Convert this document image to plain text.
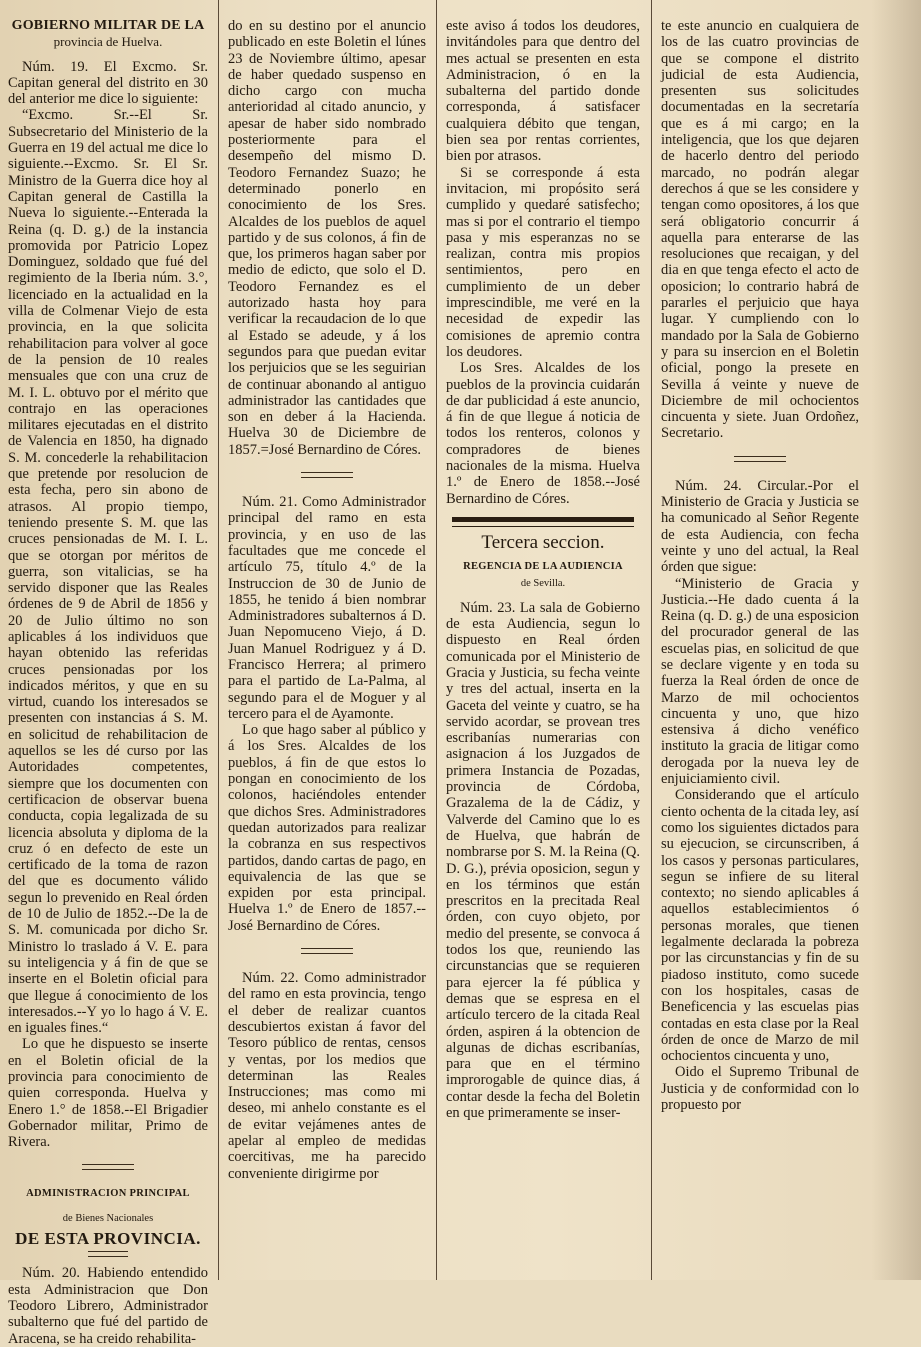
GOBIERNO MILITAR DE LA
provincia de Huelva.

Núm. 19. El Excmo. Sr. Capitan general del distrito en 30 del anterior me dice lo siguiente:

“Excmo. Sr.--El Sr. Subsecretario del Ministerio de la Guerra en 19 del actual me dice lo siguiente.--Excmo. Sr. El Sr. Ministro de la Guerra dice hoy al Capitan general de Castilla la Nueva lo siguiente.--Enterada la Reina (q. D. g.) de la instancia promovida por Patricio Lopez Dominguez, soldado que fué del regimiento de la Iberia núm. 3.°, licenciado en la actualidad en la villa de Colmenar Viejo de esta provincia, en la que solicita rehabilitacion para volver al goce de la pension de 10 reales mensuales que con una cruz de M. I. L. obtuvo por el mérito que contrajo en las operaciones militares ejecutadas en el distrito de Valencia en 1850, ha dignado S. M. concederle la rehabilitacion que pretende por resolucion de esta fecha, pero sin abono de atrasos. Al propio tiempo, teniendo presente S. M. que las cruces pensionadas de M. I. L. que se otorgan por méritos de guerra, son vitalicias, se ha servido disponer que las Reales órdenes de 9 de Abril de 1856 y 20 de Julio último no son aplicables á los individuos que hayan obtenido las referidas cruces pensionadas por los indicados méritos, y que en su virtud, cuando los interesados se presenten con instancias á S. M. en solicitud de rehabilitacion de aquellos se les dé curso por las Autoridades competentes, siempre que los documenten con certificacion de observar buena conducta, copia legalizada de su licencia absoluta y diploma de la cruz ó en defecto de este un certificado de la toma de razon del que es documento válido segun lo prevenido en Real órden de 10 de Julio de 1852.--De la de S. M. comunicada por dicho Sr. Ministro lo traslado á V. E. para su inteligencia y á fin de que se inserte en el Boletin oficial para que llegue á conocimiento de los interesados.--Y yo lo hago á V. E. en iguales fines.“

Lo que he dispuesto se inserte en el Boletin oficial de la provincia para conocimiento de quien corresponda. Huelva y Enero 1.° de 1858.--El Brigadier Gobernador militar, Primo de Rivera.

ADMINISTRACION PRINCIPAL
de Bienes Nacionales
DE ESTA PROVINCIA.

Núm. 20. Habiendo entendido esta Administracion que Don Teodoro Librero, Administrador subalterno que fué del partido de Aracena, se ha creido rehabilita-

do en su destino por el anuncio publicado en este Boletin el lúnes 23 de Noviembre último, apesar de haber quedado suspenso en dicho cargo con mucha anterioridad al citado anuncio, y apesar de haber sido nombrado posteriormente para el desempeño del mismo D. Teodoro Fernandez Suazo; he determinado ponerlo en conocimiento de los Sres. Alcaldes de los pueblos de aquel partido y de sus colonos, á fin de que, los primeros hagan saber por medio de edicto, que solo el D. Teodoro Fernandez es el autorizado hasta hoy para verificar la recaudacion de lo que al Estado se adeude, y á los segundos para que puedan evitar los perjuicios que se les seguirian de continuar abonando al antiguo administrador las cantidades que son en deber á la Hacienda. Huelva 30 de Diciembre de 1857.=José Bernardino de Córes.

Núm. 21. Como Administrador principal del ramo en esta provincia, y en uso de las facultades que me concede el artículo 75, título 4.º de la Instruccion de 30 de Junio de 1855, he tenido á bien nombrar Administradores subalternos á D. Juan Nepomuceno Viejo, á D. Juan Manuel Rodriguez y á D. Francisco Herrera; al primero para el partido de La-Palma, al segundo para el de Moguer y al tercero para el de Ayamonte.

Lo que hago saber al público y á los Sres. Alcaldes de los pueblos, á fin de que estos lo pongan en conocimiento de los colonos, haciéndoles entender que dichos Sres. Administradores quedan autorizados para realizar la cobranza en sus respectivos partidos, dando cartas de pago, en equivalencia de las que se expiden por esta principal. Huelva 1.º de Enero de 1857.--José Bernardino de Córes.

Núm. 22. Como administrador del ramo en esta provincia, tengo el deber de realizar cuantos descubiertos existan á favor del Tesoro público de rentas, censos y ventas, por los medios que determinan las Reales Instrucciones; mas como mi deseo, mi anhelo constante es el de evitar vejámenes antes de apelar al empleo de medidas coercitivas, me ha parecido conveniente dirigirme por

este aviso á todos los deudores, invitándoles para que dentro del mes actual se presenten en esta Administracion, ó en la subalterna del partido donde corresponda, á satisfacer cualquiera débito que tengan, bien sea por rentas corrientes, bien por atrasos.

Si se corresponde á esta invitacion, mi propósito será cumplido y quedaré satisfecho; mas si por el contrario el tiempo pasa y mis esperanzas no se realizan, contra mis propios sentimientos, pero en cumplimiento de un deber imprescindible, me veré en la necesidad de expedir las comisiones de apremio contra los deudores.

Los Sres. Alcaldes de los pueblos de la provincia cuidarán de dar publicidad á este anuncio, á fin de que llegue á noticia de todos los renteros, colonos y compradores de bienes nacionales de la misma. Huelva 1.º de Enero de 1858.--José Bernardino de Córes.

Tercera seccion.
REGENCIA DE LA AUDIENCIA
de Sevilla.

Núm. 23. La sala de Gobierno de esta Audiencia, segun lo dispuesto en Real órden comunicada por el Ministerio de Gracia y Justicia, su fecha veinte y tres del actual, inserta en la Gaceta del veinte y cuatro, se ha servido acordar, se provean tres escribanías numerarias con asignacion á los Juzgados de primera Instancia de Pozadas, provincia de Córdoba, Grazalema de la de Cádiz, y Valverde del Camino que lo es de Huelva, que habrán de nombrarse por S. M. la Reina (Q. D. G.), prévia oposicion, segun y en los términos que están prescritos en la precitada Real órden, con cuyo objeto, por medio del presente, se convoca á todos los que, reuniendo las circunstancias que se requieren para ejercer la fé pública y demas que se espresa en el artículo tercero de la citada Real órden, aspiren á la obtencion de algunas de dichas escribanías, para que en el término improrogable de quince dias, á contar desde la fecha del Boletin en que primeramente se inser-

te este anuncio en cualquiera de los de las cuatro provincias de que se compone el distrito judicial de esta Audiencia, presenten sus solicitudes documentadas en la secretaría que es á mi cargo; en la inteligencia, que los que dejaren de hacerlo dentro del periodo marcado, no podrán alegar derechos á que se les considere y tengan como opositores, á los que será obligatorio concurrir á aquella para enterarse de las resoluciones que recaigan, y del dia en que tenga efecto el acto de oposicion; lo contrario habrá de pararles el perjuicio que haya lugar. Y cumpliendo con lo mandado por la Sala de Gobierno y para su insercion en el Boletin oficial, pongo la presete en Sevilla á veinte y nueve de Diciembre de mil ochocientos cincuenta y siete. Juan Ordoñez, Secretario.

Núm. 24. Circular.-Por el Ministerio de Gracia y Justicia se ha comunicado al Señor Regente de esta Audiencia, con fecha veinte y uno del actual, la Real órden que sigue:

“Ministerio de Gracia y Justicia.--He dado cuenta á la Reina (q. D. g.) de una esposicion del procurador general de las escuelas pias, en solicitud de que se declare vigente y en toda su fuerza la Real órden de once de Marzo de mil ochocientos cincuenta y uno, que hizo estensiva á dicho venéfico instituto la gracia de litigar como derogada por la nueva ley de enjuiciamiento civil.

Considerando que el artículo ciento ochenta de la citada ley, así como los siguientes dictados para su ejecucion, se circunscriben, á los casos y personas particulares, segun se infiere de su literal contexto; no siendo aplicables á aquellos establecimientos ó personas morales, que tienen legalmente declarada la pobreza por las circunstancias y fin de su piadoso instituto, como sucede con los hospitales, casas de Beneficencia y las escuelas pias contadas en esta clase por la Real órden de once de Marzo de mil ochocientos cincuenta y uno,

Oido el Supremo Tribunal de Justicia y de conformidad con lo propuesto por
